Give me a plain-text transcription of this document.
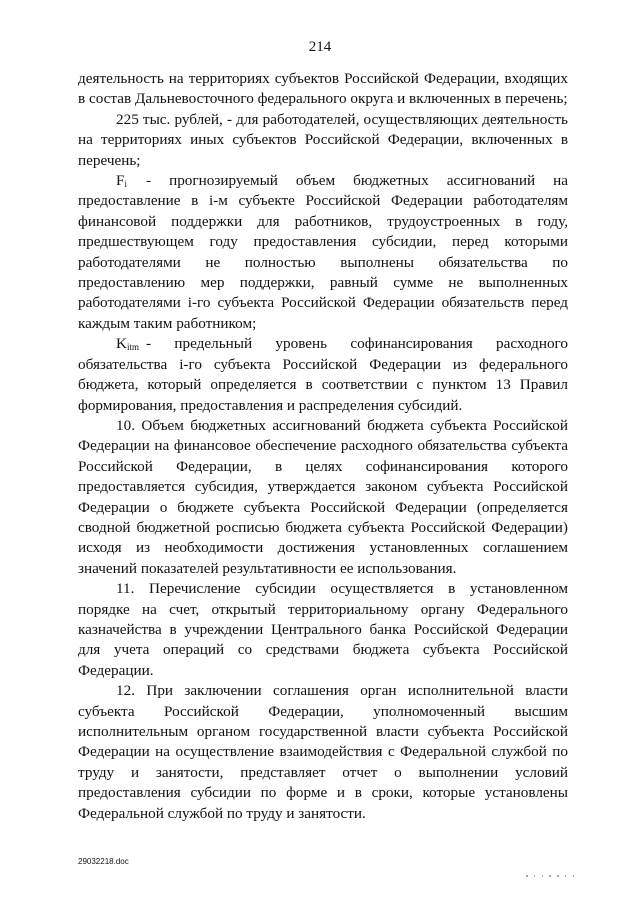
214

деятельность на территориях субъектов Российской Федерации, входящих в состав Дальневосточного федерального округа и включенных в перечень;

225 тыс. рублей, - для работодателей, осуществляющих деятельность на территориях иных субъектов Российской Федерации, включенных в перечень;

$F_i$ - прогнозируемый объем бюджетных ассигнований на предоставление в i-м субъекте Российской Федерации работодателям финансовой поддержки для работников, трудоустроенных в году, предшествующем году предоставления субсидии, перед которыми работодателями не полностью выполнены обязательства по предоставлению мер поддержки, равный сумме не выполненных работодателями i-го субъекта Российской Федерации обязательств перед каждым таким работником;

$K_{itm}$ - предельный уровень софинансирования расходного обязательства i-го субъекта Российской Федерации из федерального бюджета, который определяется в соответствии с пунктом 13 Правил формирования, предоставления и распределения субсидий.

10. Объем бюджетных ассигнований бюджета субъекта Российской Федерации на финансовое обеспечение расходного обязательства субъекта Российской Федерации, в целях софинансирования которого предоставляется субсидия, утверждается законом субъекта Российской Федерации о бюджете субъекта Российской Федерации (определяется сводной бюджетной росписью бюджета субъекта Российской Федерации) исходя из необходимости достижения установленных соглашением значений показателей результативности ее использования.

11. Перечисление субсидии осуществляется в установленном порядке на счет, открытый территориальному органу Федерального казначейства в учреждении Центрального банка Российской Федерации для учета операций со средствами бюджета субъекта Российской Федерации.

12. При заключении соглашения орган исполнительной власти субъекта Российской Федерации, уполномоченный высшим исполнительным органом государственной власти субъекта Российской Федерации на осуществление взаимодействия с Федеральной службой по труду и занятости, представляет отчет о выполнении условий предоставления субсидии по форме и в сроки, которые установлены Федеральной службой по труду и занятости.

29032218.doc
